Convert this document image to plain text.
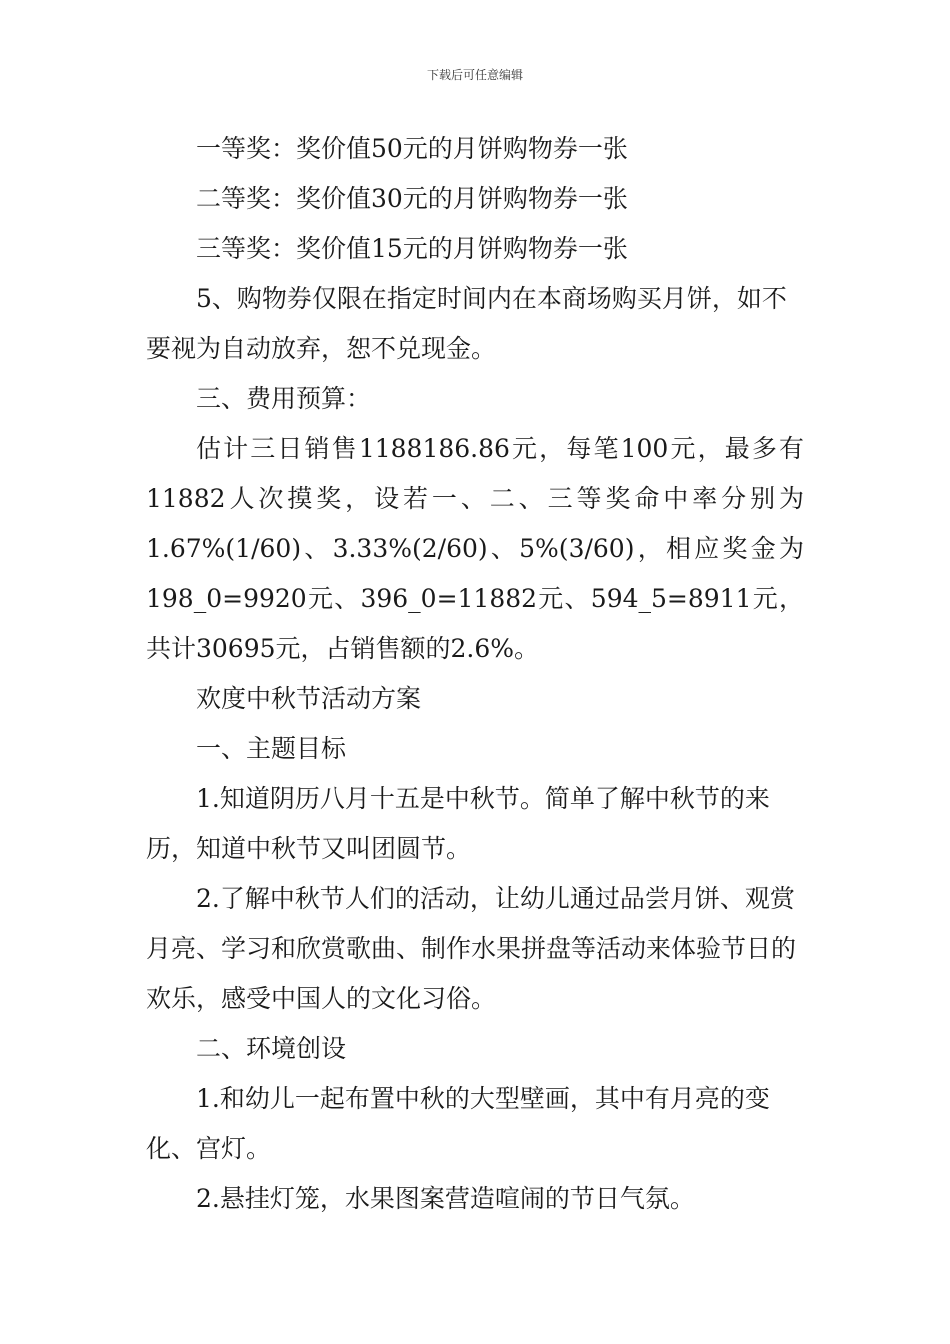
下载后可任意编辑

一等奖：奖价值50元的月饼购物券一张

二等奖：奖价值30元的月饼购物券一张

三等奖：奖价值15元的月饼购物券一张

5、购物券仅限在指定时间内在本商场购买月饼，如不要视为自动放弃，恕不兑现金。

三、费用预算：

估计三日销售1188186.86元，每笔100元，最多有11882人次摸奖，设若一、二、三等奖命中率分别为1.67%(1/60)、3.33%(2/60)、5%(3/60)，相应奖金为198_0=9920元、396_0=11882元、594_5=8911元，共计30695元，占销售额的2.6%。

欢度中秋节活动方案

一、主题目标

1.知道阴历八月十五是中秋节。简单了解中秋节的来历，知道中秋节又叫团圆节。

2.了解中秋节人们的活动，让幼儿通过品尝月饼、观赏月亮、学习和欣赏歌曲、制作水果拼盘等活动来体验节日的欢乐，感受中国人的文化习俗。

二、环境创设

1.和幼儿一起布置中秋的大型壁画，其中有月亮的变化、宫灯。

2.悬挂灯笼，水果图案营造喧闹的节日气氛。
